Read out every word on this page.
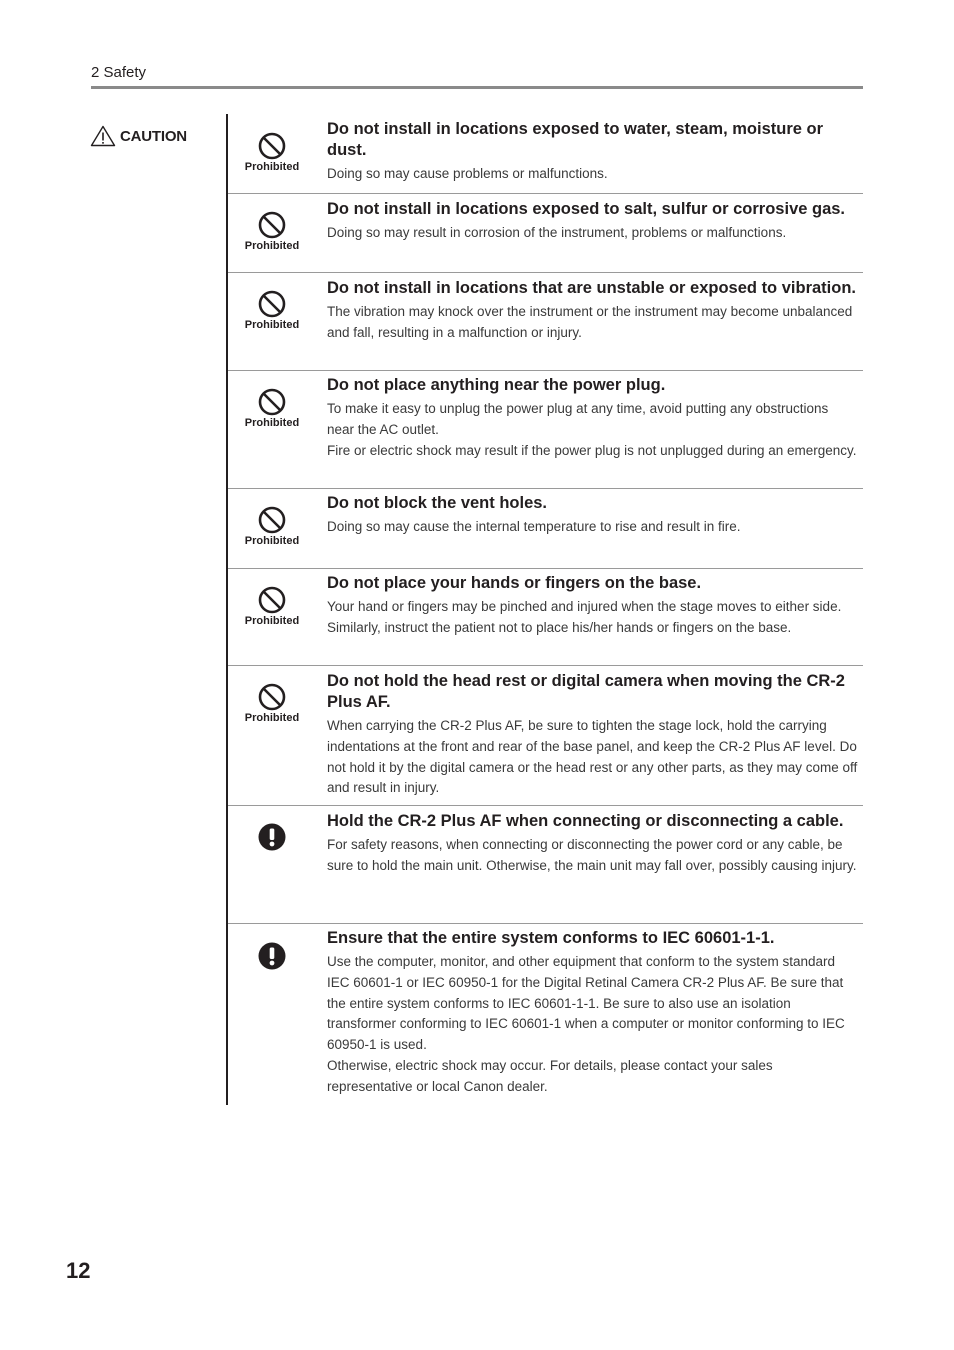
2 Safety
CAUTION
Prohibited
Do not install in locations exposed to water, steam, moisture or dust.
Doing so may cause problems or malfunctions.
Prohibited
Do not install in locations exposed to salt, sulfur or corrosive gas.
Doing so may result in corrosion of the instrument, problems or malfunctions.
Prohibited
Do not install in locations that are unstable or exposed to vibration.
The vibration may knock over the instrument or the instrument may become unbalanced and fall, resulting in a malfunction or injury.
Prohibited
Do not place anything near the power plug.
To make it easy to unplug the power plug at any time, avoid putting any obstructions near the AC outlet.
Fire or electric shock may result if the power plug is not unplugged during an emergency.
Prohibited
Do not block the vent holes.
Doing so may cause the internal temperature to rise and result in fire.
Prohibited
Do not place your hands or fingers on the base.
Your hand or fingers may be pinched and injured when the stage moves to either side.
Similarly, instruct the patient not to place his/her hands or fingers on the base.
Prohibited
Do not hold the head rest or digital camera when moving the CR-2 Plus AF.
When carrying the CR-2 Plus AF, be sure to tighten the stage lock, hold the carrying indentations at the front and rear of the base panel, and keep the CR-2 Plus AF level. Do not hold it by the digital camera or the head rest or any other parts, as they may come off and result in injury.
Hold the CR-2 Plus AF when connecting or disconnecting a cable.
For safety reasons, when connecting or disconnecting the power cord or any cable, be sure to hold the main unit. Otherwise, the main unit may fall over, possibly causing injury.
Ensure that the entire system conforms to IEC 60601-1-1.
Use the computer, monitor, and other equipment that conform to the system standard IEC 60601-1 or IEC 60950-1 for the Digital Retinal Camera CR-2 Plus AF. Be sure that the entire system conforms to IEC 60601-1-1. Be sure to also use an isolation transformer conforming to IEC 60601-1 when a computer or monitor conforming to IEC 60950-1 is used.
Otherwise, electric shock may occur. For details, please contact your sales representative or local Canon dealer.
12
